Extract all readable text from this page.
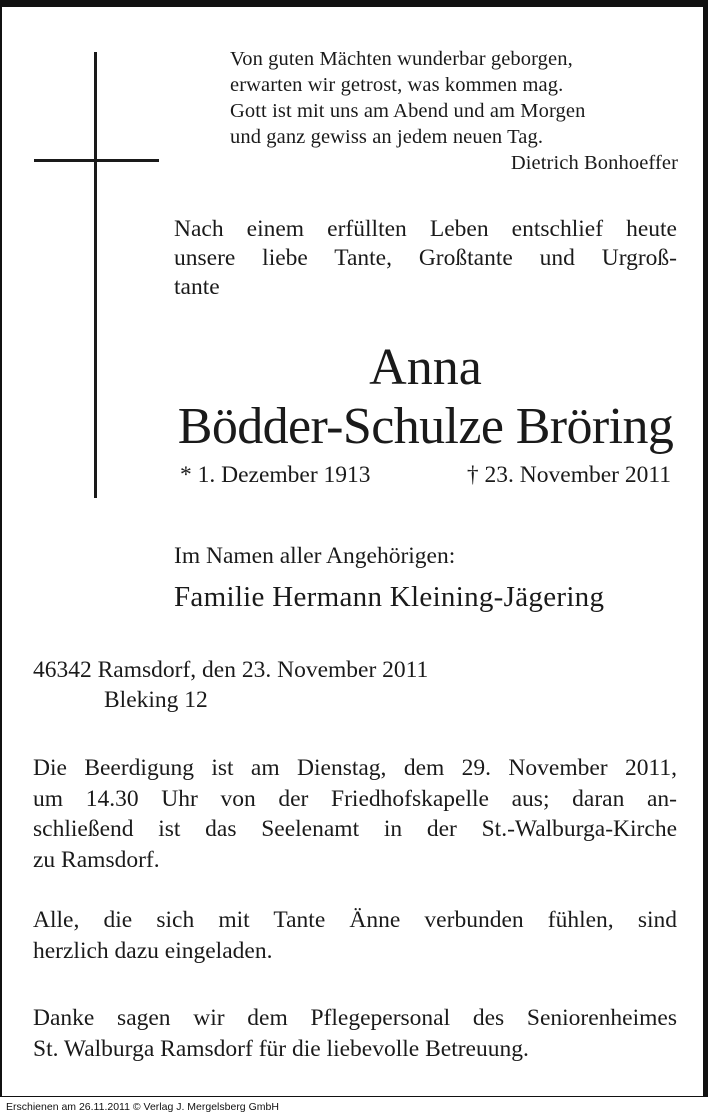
Von guten Mächten wunderbar geborgen,
erwarten wir getrost, was kommen mag.
Gott ist mit uns am Abend und am Morgen
und ganz gewiss an jedem neuen Tag.
Dietrich Bonhoeffer
Nach einem erfüllten Leben entschlief heute
unsere liebe Tante, Großtante und Urgroß-
tante
Anna
Bödder-Schulze Bröring
* 1. Dezember 1913	† 23. November 2011
Im Namen aller Angehörigen:
Familie Hermann Kleining-Jägering
46342 Ramsdorf, den 23. November 2011
Bleking 12
Die Beerdigung ist am Dienstag, dem 29. November 2011,
um 14.30 Uhr von der Friedhofskapelle aus; daran an-
schließend ist das Seelenamt in der St.-Walburga-Kirche
zu Ramsdorf.
Alle, die sich mit Tante Änne verbunden fühlen, sind
herzlich dazu eingeladen.
Danke sagen wir dem Pflegepersonal des Seniorenheimes
St. Walburga Ramsdorf für die liebevolle Betreuung.
Erschienen am 26.11.2011 © Verlag J. Mergelsberg GmbH
